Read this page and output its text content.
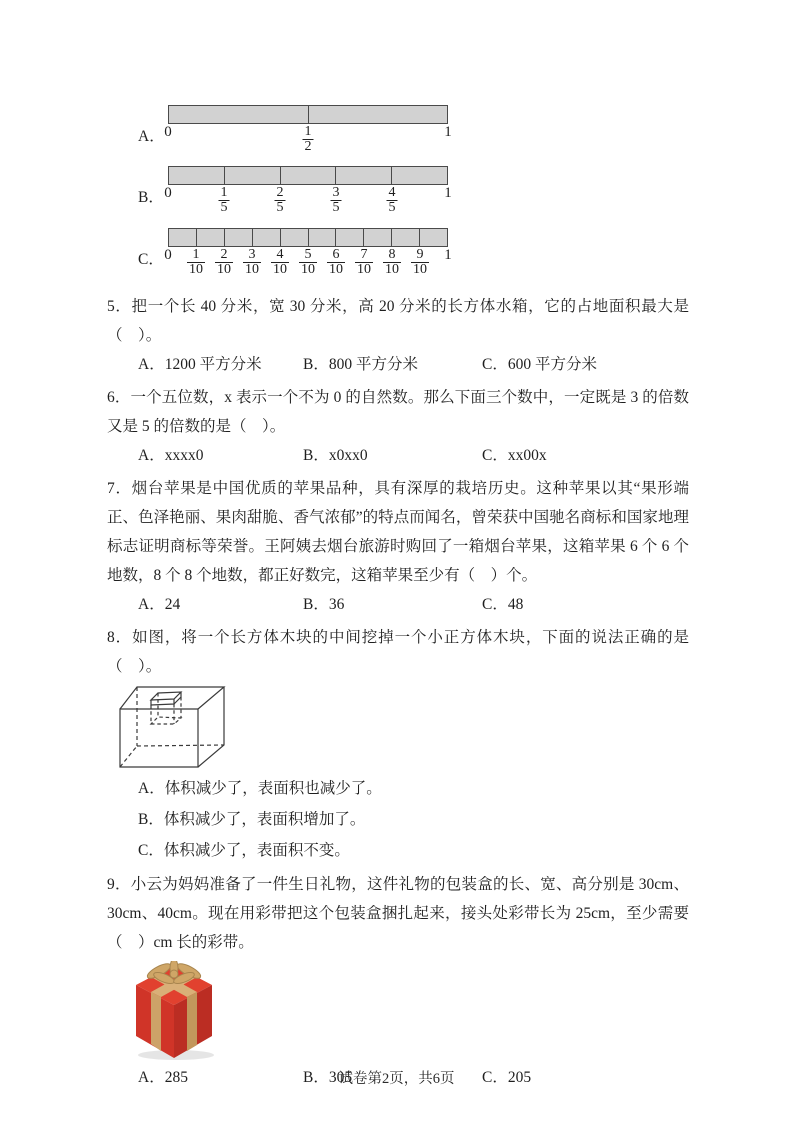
A． 0	$\frac{1}{2}$	1
B． 0	$\frac{1}{5}$	$\frac{2}{5}$	$\frac{3}{5}$	$\frac{4}{5}$	1
C． $0 \frac{1}{10} \frac{2}{10} \frac{3}{10} \frac{4}{10} \frac{5}{10} \frac{6}{10} \frac{7}{10} \frac{8}{10} \frac{9}{10} 1$

5．把一个长 40 分米，宽 30 分米，高 20 分米的长方体水箱，它的占地面积最大是（　）。

A．1200 平方分米	B．800 平方分米	C．600 平方分米

6．一个五位数，x 表示一个不为 0 的自然数。那么下面三个数中，一定既是 3 的倍数又是 5 的倍数的是（　）。

A．xxxx0	B．x0xx0	C．xx00x

7．烟台苹果是中国优质的苹果品种，具有深厚的栽培历史。这种苹果以其“果形端正、色泽艳丽、果肉甜脆、香气浓郁”的特点而闻名，曾荣获中国驰名商标和国家地理标志证明商标等荣誉。王阿姨去烟台旅游时购回了一箱烟台苹果，这箱苹果 6 个 6 个地数，8 个 8 个地数，都正好数完，这箱苹果至少有（　）个。

A．24	B．36	C．48

8．如图，将一个长方体木块的中间挖掉一个小正方体木块，下面的说法正确的是（　）。

A．体积减少了，表面积也减少了。

B．体积减少了，表面积增加了。

C．体积减少了，表面积不变。

9．小云为妈妈准备了一件生日礼物，这件礼物的包装盒的长、宽、高分别是 30cm、30cm、40cm。现在用彩带把这个包装盒捆扎起来，接头处彩带长为 25cm，至少需要（　）cm 长的彩带。

A．285	B．305	C．205

试卷第2页，共6页
